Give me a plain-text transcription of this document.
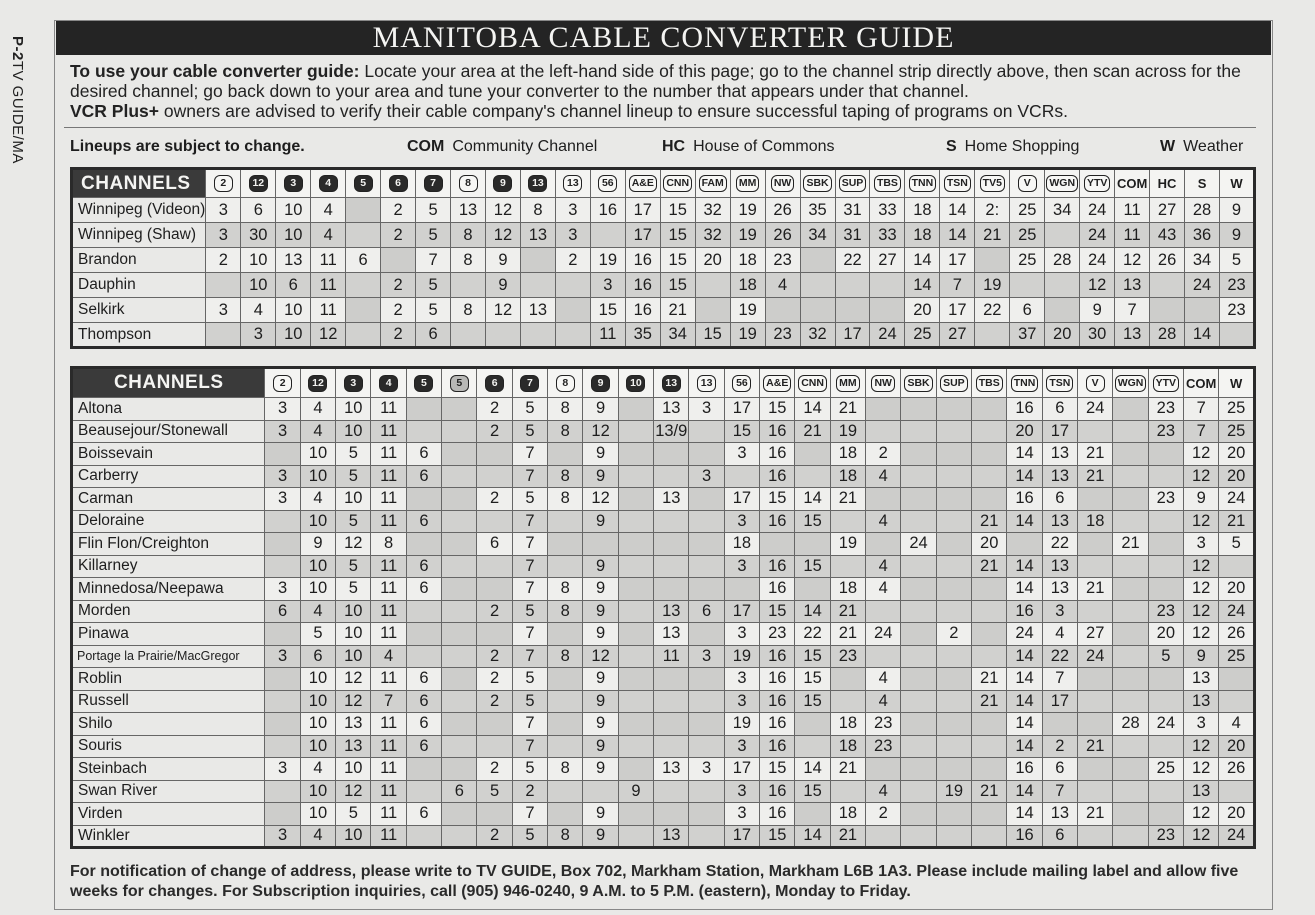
P-2TV GUIDE/MA
MANITOBA CABLE CONVERTER GUIDE
To use your cable converter guide: Locate your area at the left-hand side of this page; go to the channel strip directly above, then scan across for the desired channel; go back down to your area and tune your converter to the number that appears under that channel.
VCR Plus+ owners are advised to verify their cable company's channel lineup to ensure successful taping of programs on VCRs.
Lineups are subject to change.	COM Community Channel	HC House of Commons	S Home Shopping	W Weather
CHANNELS	2	12	3	4	5	6	7	8	9	13	13	56	A&E	CNN	FAM	MM	NW	SBK	SUP	TBS	TNN	TSN	TV5	V	WGN	YTV	COM	HC	S	W
Winnipeg (Videon)	3	6	10	4		2	5	13	12	8	3	16	17	15	32	19	26	35	31	33	18	14	2:	25	34	24	11	27	28	9
Winnipeg (Shaw)	3	30	10	4		2	5	8	12	13	3		17	15	32	19	26	34	31	33	18	14	21	25		24	11	43	36	9
Brandon	2	10	13	11	6		7	8	9		2	19	16	15	20	18	23		22	27	14	17		25	28	24	12	26	34	5
Dauphin		10	6	11		2	5		9			3	16	15		18	4				14	7	19			12	13		24	23
Selkirk	3	4	10	11		2	5	8	12	13		15	16	21		19					20	17	22	6		9	7			23
Thompson		3	10	12		2	6					11	35	34	15	19	23	32	17	24	25	27		37	20	30	13	28	14	
CHANNELS	2	12	3	4	5	5	6	7	8	9	10	13	13	56	A&E	CNN	MM	NW	SBK	SUP	TBS	TNN	TSN	V	WGN	YTV	COM	W
Altona	3	4	10	11			2	5	8	9		13	3	17	15	14	21					16	6	24		23	7	25
Beausejour/Stonewall	3	4	10	11			2	5	8	12		13/9		15	16	21	19					20	17			23	7	25
Boissevain		10	5	11	6			7		9				3	16		18	2				14	13	21			12	20
Carberry	3	10	5	11	6			7	8	9			3		16		18	4				14	13	21			12	20
Carman	3	4	10	11			2	5	8	12		13		17	15	14	21					16	6			23	9	24
Deloraine		10	5	11	6			7		9				3	16	15		4			21	14	13	18			12	21
Flin Flon/Creighton		9	12	8			6	7						18			19		24		20		22		21		3	5
Killarney		10	5	11	6			7		9				3	16	15		4			21	14	13				12	
Minnedosa/Neepawa	3	10	5	11	6			7	8	9					16		18	4				14	13	21			12	20
Morden	6	4	10	11			2	5	8	9		13	6	17	15	14	21					16	3			23	12	24
Pinawa		5	10	11				7		9		13		3	23	22	21	24		2		24	4	27		20	12	26
Portage la Prairie/MacGregor	3	6	10	4			2	7	8	12		11	3	19	16	15	23					14	22	24		5	9	25
Roblin		10	12	11	6		2	5		9				3	16	15		4			21	14	7				13	
Russell		10	12	7	6		2	5		9				3	16	15		4			21	14	17				13	
Shilo		10	13	11	6			7		9				19	16		18	23				14			28	24	3	4
Souris		10	13	11	6			7		9				3	16		18	23				14	2	21			12	20
Steinbach	3	4	10	11			2	5	8	9		13	3	17	15	14	21					16	6			25	12	26
Swan River		10	12	11		6	5	2			9			3	16	15		4		19	21	14	7				13	
Virden		10	5	11	6			7		9				3	16		18	2				14	13	21			12	20
Winkler	3	4	10	11			2	5	8	9		13		17	15	14	21					16	6			23	12	24
For notification of change of address, please write to TV GUIDE, Box 702, Markham Station, Markham L6B 1A3. Please include mailing label and allow five weeks for changes. For Subscription inquiries, call (905) 946-0240, 9 A.M. to 5 P.M. (eastern), Monday to Friday.
